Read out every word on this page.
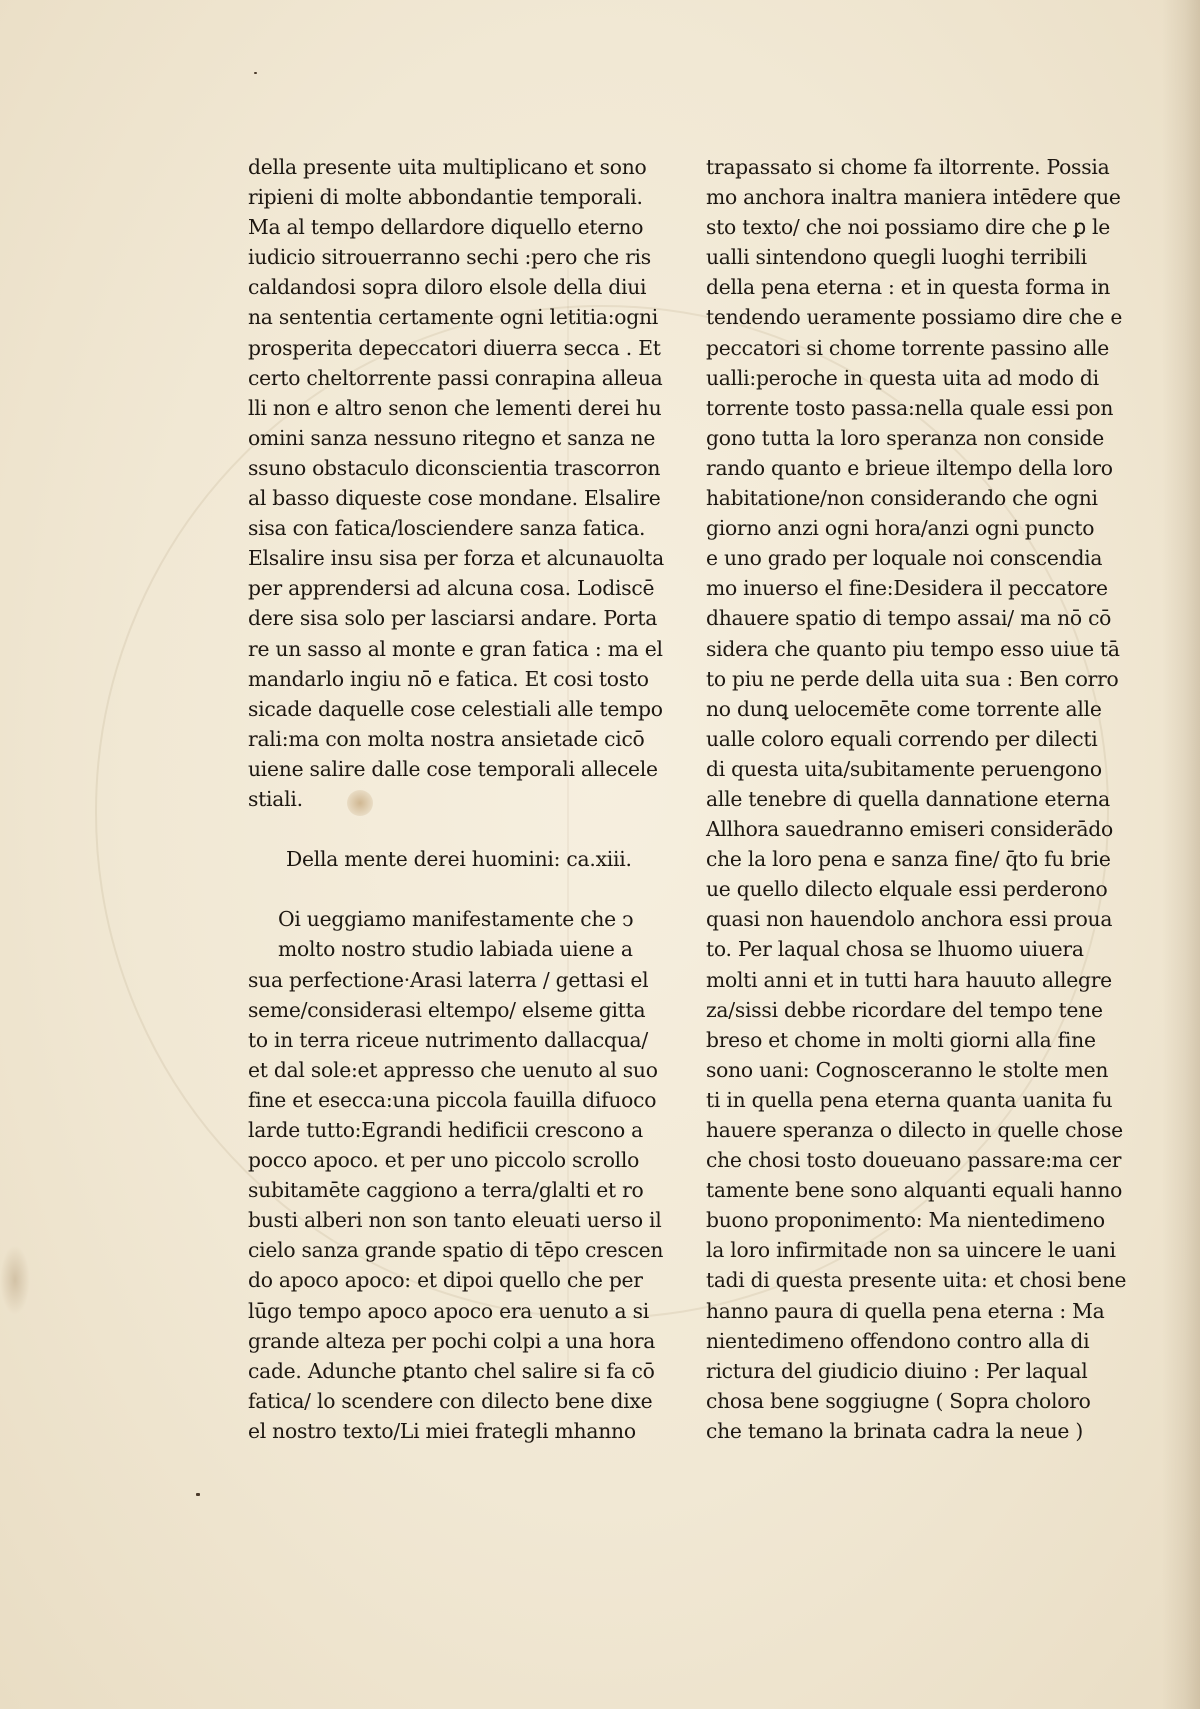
della presente uita multiplicano et sono
ripieni di molte abbondantie temporali.
Ma al tempo dellardore diquello eterno
iudicio sitrouerranno sechi :pero che ris
caldandosi sopra diloro elsole della diui
na sententia certamente ogni letitia:ogni
prosperita depeccatori diuerra secca . Et
certo cheltorrente passi conrapina alleua
lli non e altro senon che lementi derei hu
omini sanza nessuno ritegno et sanza ne
ssuno obstaculo diconscientia trascorron
al basso diqueste cose mondane. Elsalire
sisa con fatica/losciendere sanza fatica.
Elsalire insu sisa per forza et alcunauolta
per apprendersi ad alcuna cosa. Lodiscē
dere sisa solo per lasciarsi andare. Porta
re un sasso al monte e gran fatica : ma el
mandarlo ingiu nō e fatica. Et cosi tosto
sicade daquelle cose celestiali alle tempo
rali:ma con molta nostra ansietade cicō
uiene salire dalle cose temporali allecele
stiali.
Della mente derei huomini: ca.xiii.
Oi ueggiamo manifestamente che ↄ
molto nostro studio labiada uiene a
sua perfectione·Arasi laterra / gettasi el
seme/considerasi eltempo/ elseme gitta
to in terra riceue nutrimento dallacqua/
et dal sole:et appresso che uenuto al suo
fine et esecca:una piccola fauilla difuoco
larde tutto:Egrandi hedificii crescono a
pocco apoco. et per uno piccolo scrollo
subitamēte caggiono a terra/glalti et ro
busti alberi non son tanto eleuati uerso il
cielo sanza grande spatio di tēpo crescen
do apoco apoco: et dipoi quello che per
lūgo tempo apoco apoco era uenuto a si
grande alteza per pochi colpi a una hora
cade. Adunche ꝑtanto chel salire si fa cō
fatica/ lo scendere con dilecto bene dixe
el nostro texto/Li miei frategli mhanno
trapassato si chome fa iltorrente. Possia
mo anchora inaltra maniera intēdere que
sto texto/ che noi possiamo dire che ꝑ le
ualli sintendono quegli luoghi terribili
della pena eterna : et in questa forma in
tendendo ueramente possiamo dire che e
peccatori si chome torrente passino alle
ualli:peroche in questa uita ad modo di
torrente tosto passa:nella quale essi pon
gono tutta la loro speranza non conside
rando quanto e brieue iltempo della loro
habitatione/non considerando che ogni
giorno anzi ogni hora/anzi ogni puncto
e uno grado per loquale noi conscendia
mo inuerso el fine:Desidera il peccatore
dhauere spatio di tempo assai/ ma nō cō
sidera che quanto piu tempo esso uiue tā
to piu ne perde della uita sua : Ben corro
no dunꝗ uelocemēte come torrente alle
ualle coloro equali correndo per dilecti
di questa uita/subitamente peruengono
alle tenebre di quella dannatione eterna
Allhora sauedranno emiseri considerādo
che la loro pena e sanza fine/ q̄to fu brie
ue quello dilecto elquale essi perderono
quasi non hauendolo anchora essi proua
to. Per laqual chosa se lhuomo uiuera
molti anni et in tutti hara hauuto allegre
za/sissi debbe ricordare del tempo tene
breso et chome in molti giorni alla fine
sono uani: Cognosceranno le stolte men
ti in quella pena eterna quanta uanita fu
hauere speranza o dilecto in quelle chose
che chosi tosto doueuano passare:ma cer
tamente bene sono alquanti equali hanno
buono proponimento: Ma nientedimeno
la loro infirmitade non sa uincere le uani
tadi di questa presente uita: et chosi bene
hanno paura di quella pena eterna : Ma
nientedimeno offendono contro alla di
rictura del giudicio diuino : Per laqual
chosa bene soggiugne ( Sopra choloro
che temano la brinata cadra la neue )
